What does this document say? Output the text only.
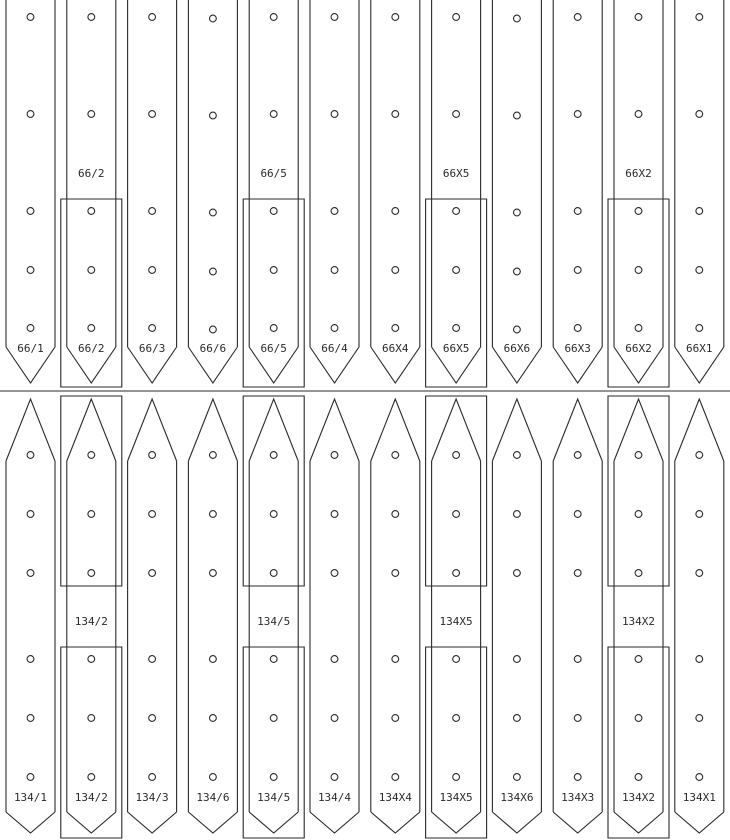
66/1
134/1
66/2
66/2
134/2
134/2
66/3
134/3
66/6
134/6
66/5
66/5
134/5
134/5
66/4
134/4
66X4
134X4
66X5
66X5
134X5
134X5
66X6
134X6
66X3
134X3
66X2
66X2
134X2
134X2
66X1
134X1
